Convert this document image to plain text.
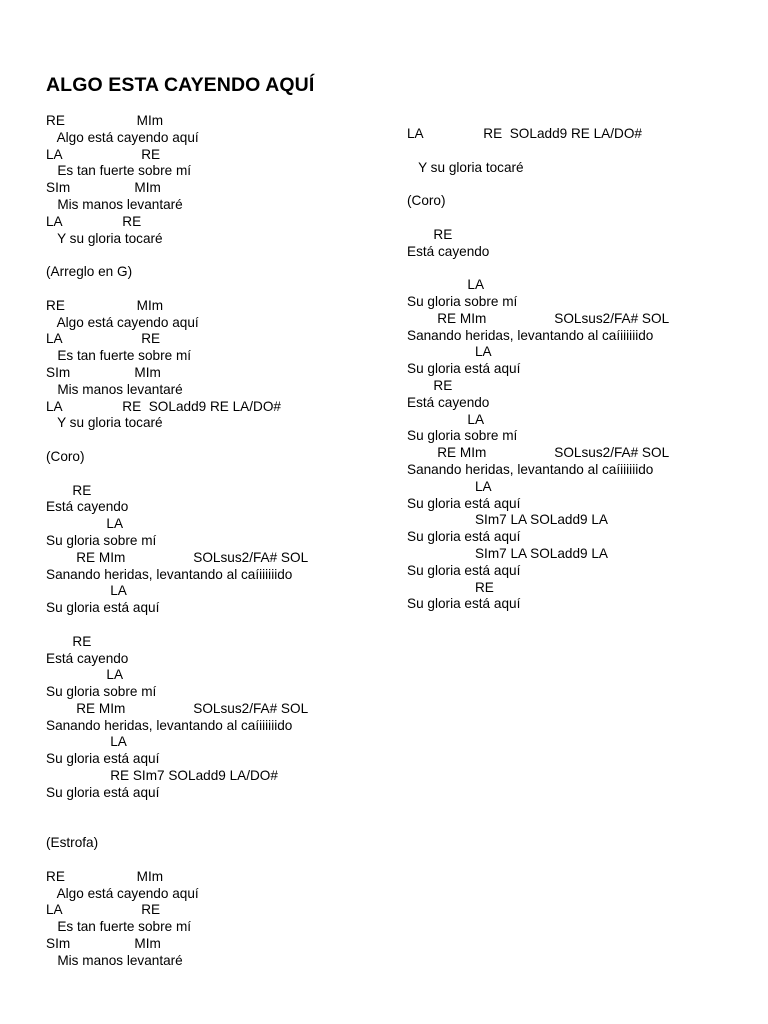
ALGO ESTA CAYENDO AQUÍ
RE                   MIm
Algo está cayendo aquí
LA                     RE
Es tan fuerte sobre mí
SIm                 MIm
Mis manos levantaré
LA                RE
Y su gloria tocaré

(Arreglo en G)

RE                   MIm
Algo está cayendo aquí
LA                     RE
Es tan fuerte sobre mí
SIm                 MIm
Mis manos levantaré
LA                RE  SOLadd9 RE LA/DO#
Y su gloria tocaré

(Coro)

RE
Está cayendo
LA
Su gloria sobre mí
RE MIm                  SOLsus2/FA# SOL
Sanando heridas, levantando al caíiiiiiido
LA
Su gloria está aquí

RE
Está cayendo
LA
Su gloria sobre mí
RE MIm                  SOLsus2/FA# SOL
Sanando heridas, levantando al caíiiiiiido
LA
Su gloria está aquí
RE SIm7 SOLadd9 LA/DO#
Su gloria está aquí

(Estrofa)

RE                   MIm
Algo está cayendo aquí
LA                     RE
Es tan fuerte sobre mí
SIm                 MIm
Mis manos levantaré
LA                RE  SOLadd9 RE LA/DO#

Y su gloria tocaré

(Coro)

RE
Está cayendo

LA
Su gloria sobre mí
RE MIm                  SOLsus2/FA# SOL
Sanando heridas, levantando al caíiiiiiido
LA
Su gloria está aquí
RE
Está cayendo
LA
Su gloria sobre mí
RE MIm                  SOLsus2/FA# SOL
Sanando heridas, levantando al caíiiiiiido
LA
Su gloria está aquí
SIm7 LA SOLadd9 LA
Su gloria está aquí
SIm7 LA SOLadd9 LA
Su gloria está aquí
RE
Su gloria está aquí
